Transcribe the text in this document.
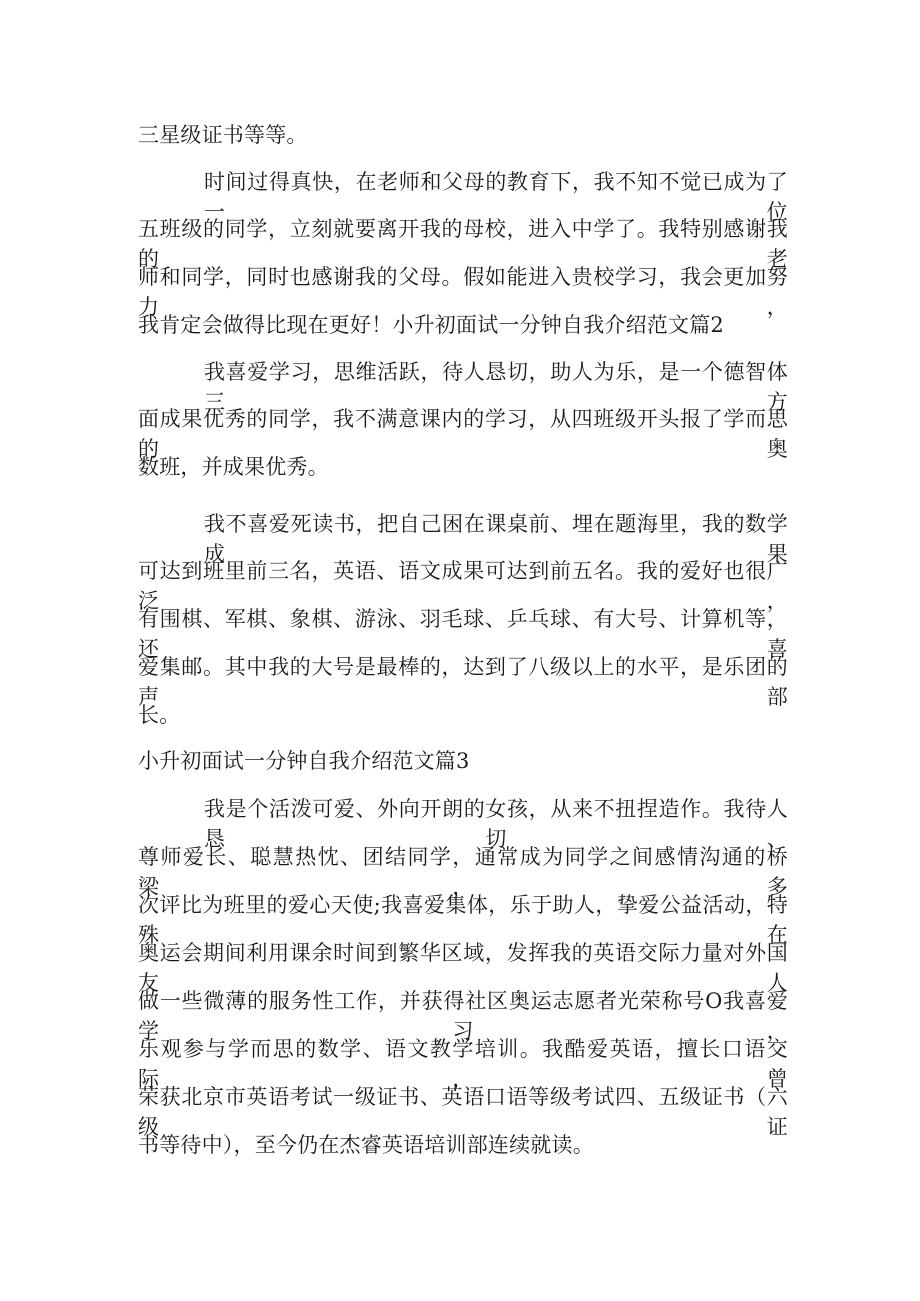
三星级证书等等。
时间过得真快，在老师和父母的教育下，我不知不觉已成为了一位
五班级的同学，立刻就要离开我的母校，进入中学了。我特别感谢我的老
师和同学，同时也感谢我的父母。假如能进入贵校学习，我会更加努力，
我肯定会做得比现在更好！小升初面试一分钟自我介绍范文篇2
我喜爱学习，思维活跃，待人恳切，助人为乐，是一个德智体三方
面成果优秀的同学，我不满意课内的学习，从四班级开头报了学而思的奥
数班，并成果优秀。
我不喜爱死读书，把自己困在课桌前、埋在题海里，我的数学成果
可达到班里前三名，英语、语文成果可达到前五名。我的爱好也很广泛，
有围棋、军棋、象棋、游泳、羽毛球、乒乓球、有大号、计算机等，还喜
爱集邮。其中我的大号是最棒的，达到了八级以上的水平，是乐团的声部
长。
小升初面试一分钟自我介绍范文篇3
我是个活泼可爱、外向开朗的女孩，从来不扭捏造作。我待人恳切、
尊师爱长、聪慧热忱、团结同学，通常成为同学之间感情沟通的桥梁，多
次评比为班里的爱心天使;我喜爱集体，乐于助人，挚爱公益活动，特殊在
奥运会期间利用课余时间到繁华区域，发挥我的英语交际力量对外国友人
做一些微薄的服务性工作，并获得社区奥运志愿者光荣称号O我喜爱学习，
乐观参与学而思的数学、语文教学培训。我酷爱英语，擅长口语交际，曾
荣获北京市英语考试一级证书、英语口语等级考试四、五级证书（六级证
书等待中），至今仍在杰睿英语培训部连续就读。
